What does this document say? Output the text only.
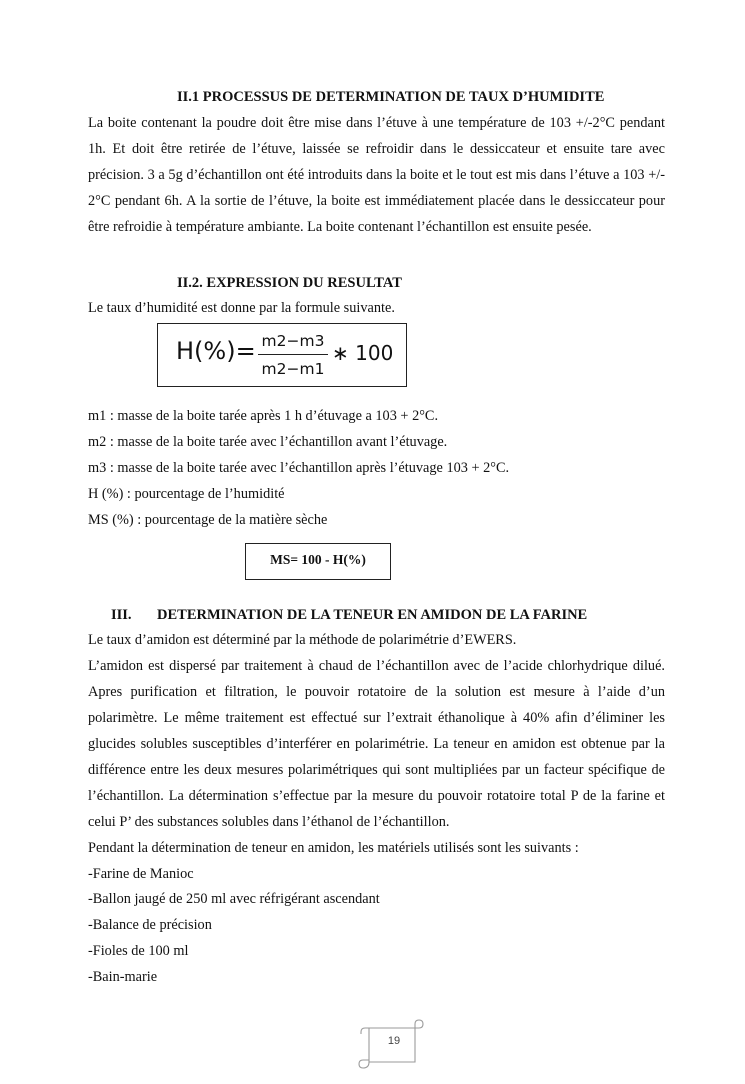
II.1 PROCESSUS DE DETERMINATION DE TAUX D’HUMIDITE

La boite contenant la poudre doit être mise dans l’étuve à une température de 103 +/-2°C pendant 1h. Et doit être retirée de l’étuve, laissée se refroidir dans le dessiccateur et ensuite tare avec précision. 3 a 5g d’échantillon ont été introduits dans la boite et le tout est mis dans l’étuve a 103 +/- 2°C pendant 6h. A la sortie de l’étuve, la boite est immédiatement placée dans le dessiccateur pour être refroidie à température ambiante. La boite contenant l’échantillon est ensuite pesée.

II.2. EXPRESSION DU RESULTAT
Le taux d’humidité est donne par la formule suivante.
H(%)= m2−m3
m2−m1
∗ 100
m1 : masse de la boite tarée après 1 h d’étuvage a 103 + 2°C.
m2 : masse de la boite tarée avec l’échantillon avant l’étuvage.
m3 : masse de la boite tarée avec l’échantillon après l’étuvage 103 + 2°C.
H (%) : pourcentage de l’humidité
MS (%) : pourcentage de la matière sèche
MS= 100 - H(%)
III. DETERMINATION DE LA TENEUR EN AMIDON DE LA FARINE
Le taux d’amidon est déterminé par la méthode de polarimétrie d’EWERS.

L’amidon est dispersé par traitement à chaud de l’échantillon avec de l’acide chlorhydrique dilué. Apres purification et filtration, le pouvoir rotatoire de la solution est mesure à l’aide d’un polarimètre. Le même traitement est effectué sur l’extrait éthanolique à 40% afin d’éliminer les glucides solubles susceptibles d’interférer en polarimétrie. La teneur en amidon est obtenue par la différence entre les deux mesures polarimétriques qui sont multipliées par un facteur spécifique de l’échantillon. La détermination s’effectue par la mesure du pouvoir rotatoire total P de la farine et celui P’ des substances solubles dans l’éthanol de l’échantillon.

Pendant la détermination de teneur en amidon, les matériels utilisés sont les suivants :
-Farine de Manioc
-Ballon jaugé de 250 ml avec réfrigérant ascendant
-Balance de précision
-Fioles de 100 ml
-Bain-marie
19
